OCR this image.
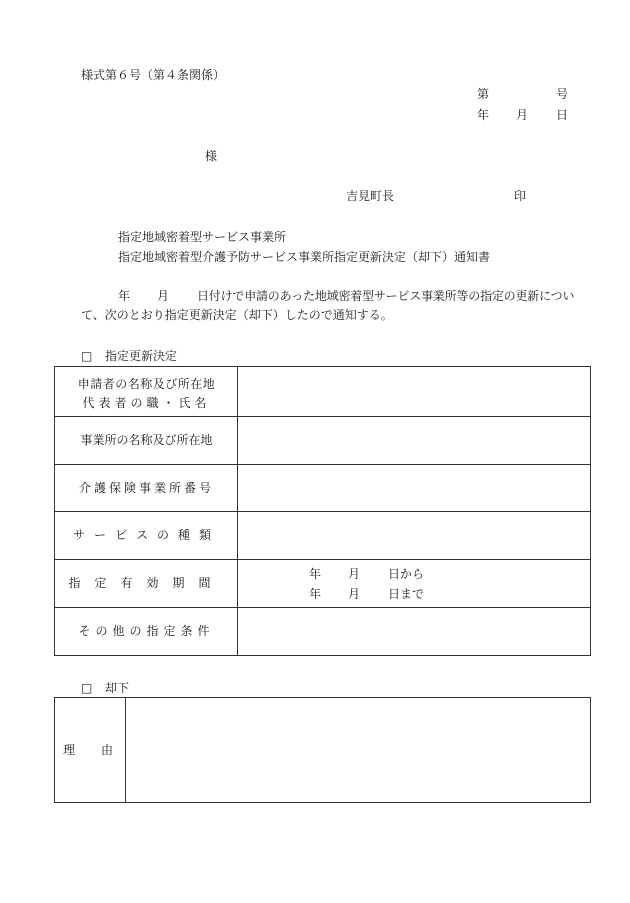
様式第６号（第４条関係）
第	号
年 月 日
様
吉見町長	印
指定地域密着型サービス事業所
指定地域密着型介護予防サービス事業所指定更新決定（却下）通知書
年 月 日付けで申請のあった地域密着型サービス事業所等の指定の更新につい
て、次のとおり指定更新決定（却下）したので通知する。
□ 指定更新決定
申請者の名称及び所在地
代表者の職・氏名
事業所の名称及び所在地
介護保険事業所番号
サービスの種類
指定有効期間
年 月 日から
年 月 日まで
その他の指定条件
□ 却下
理 由
